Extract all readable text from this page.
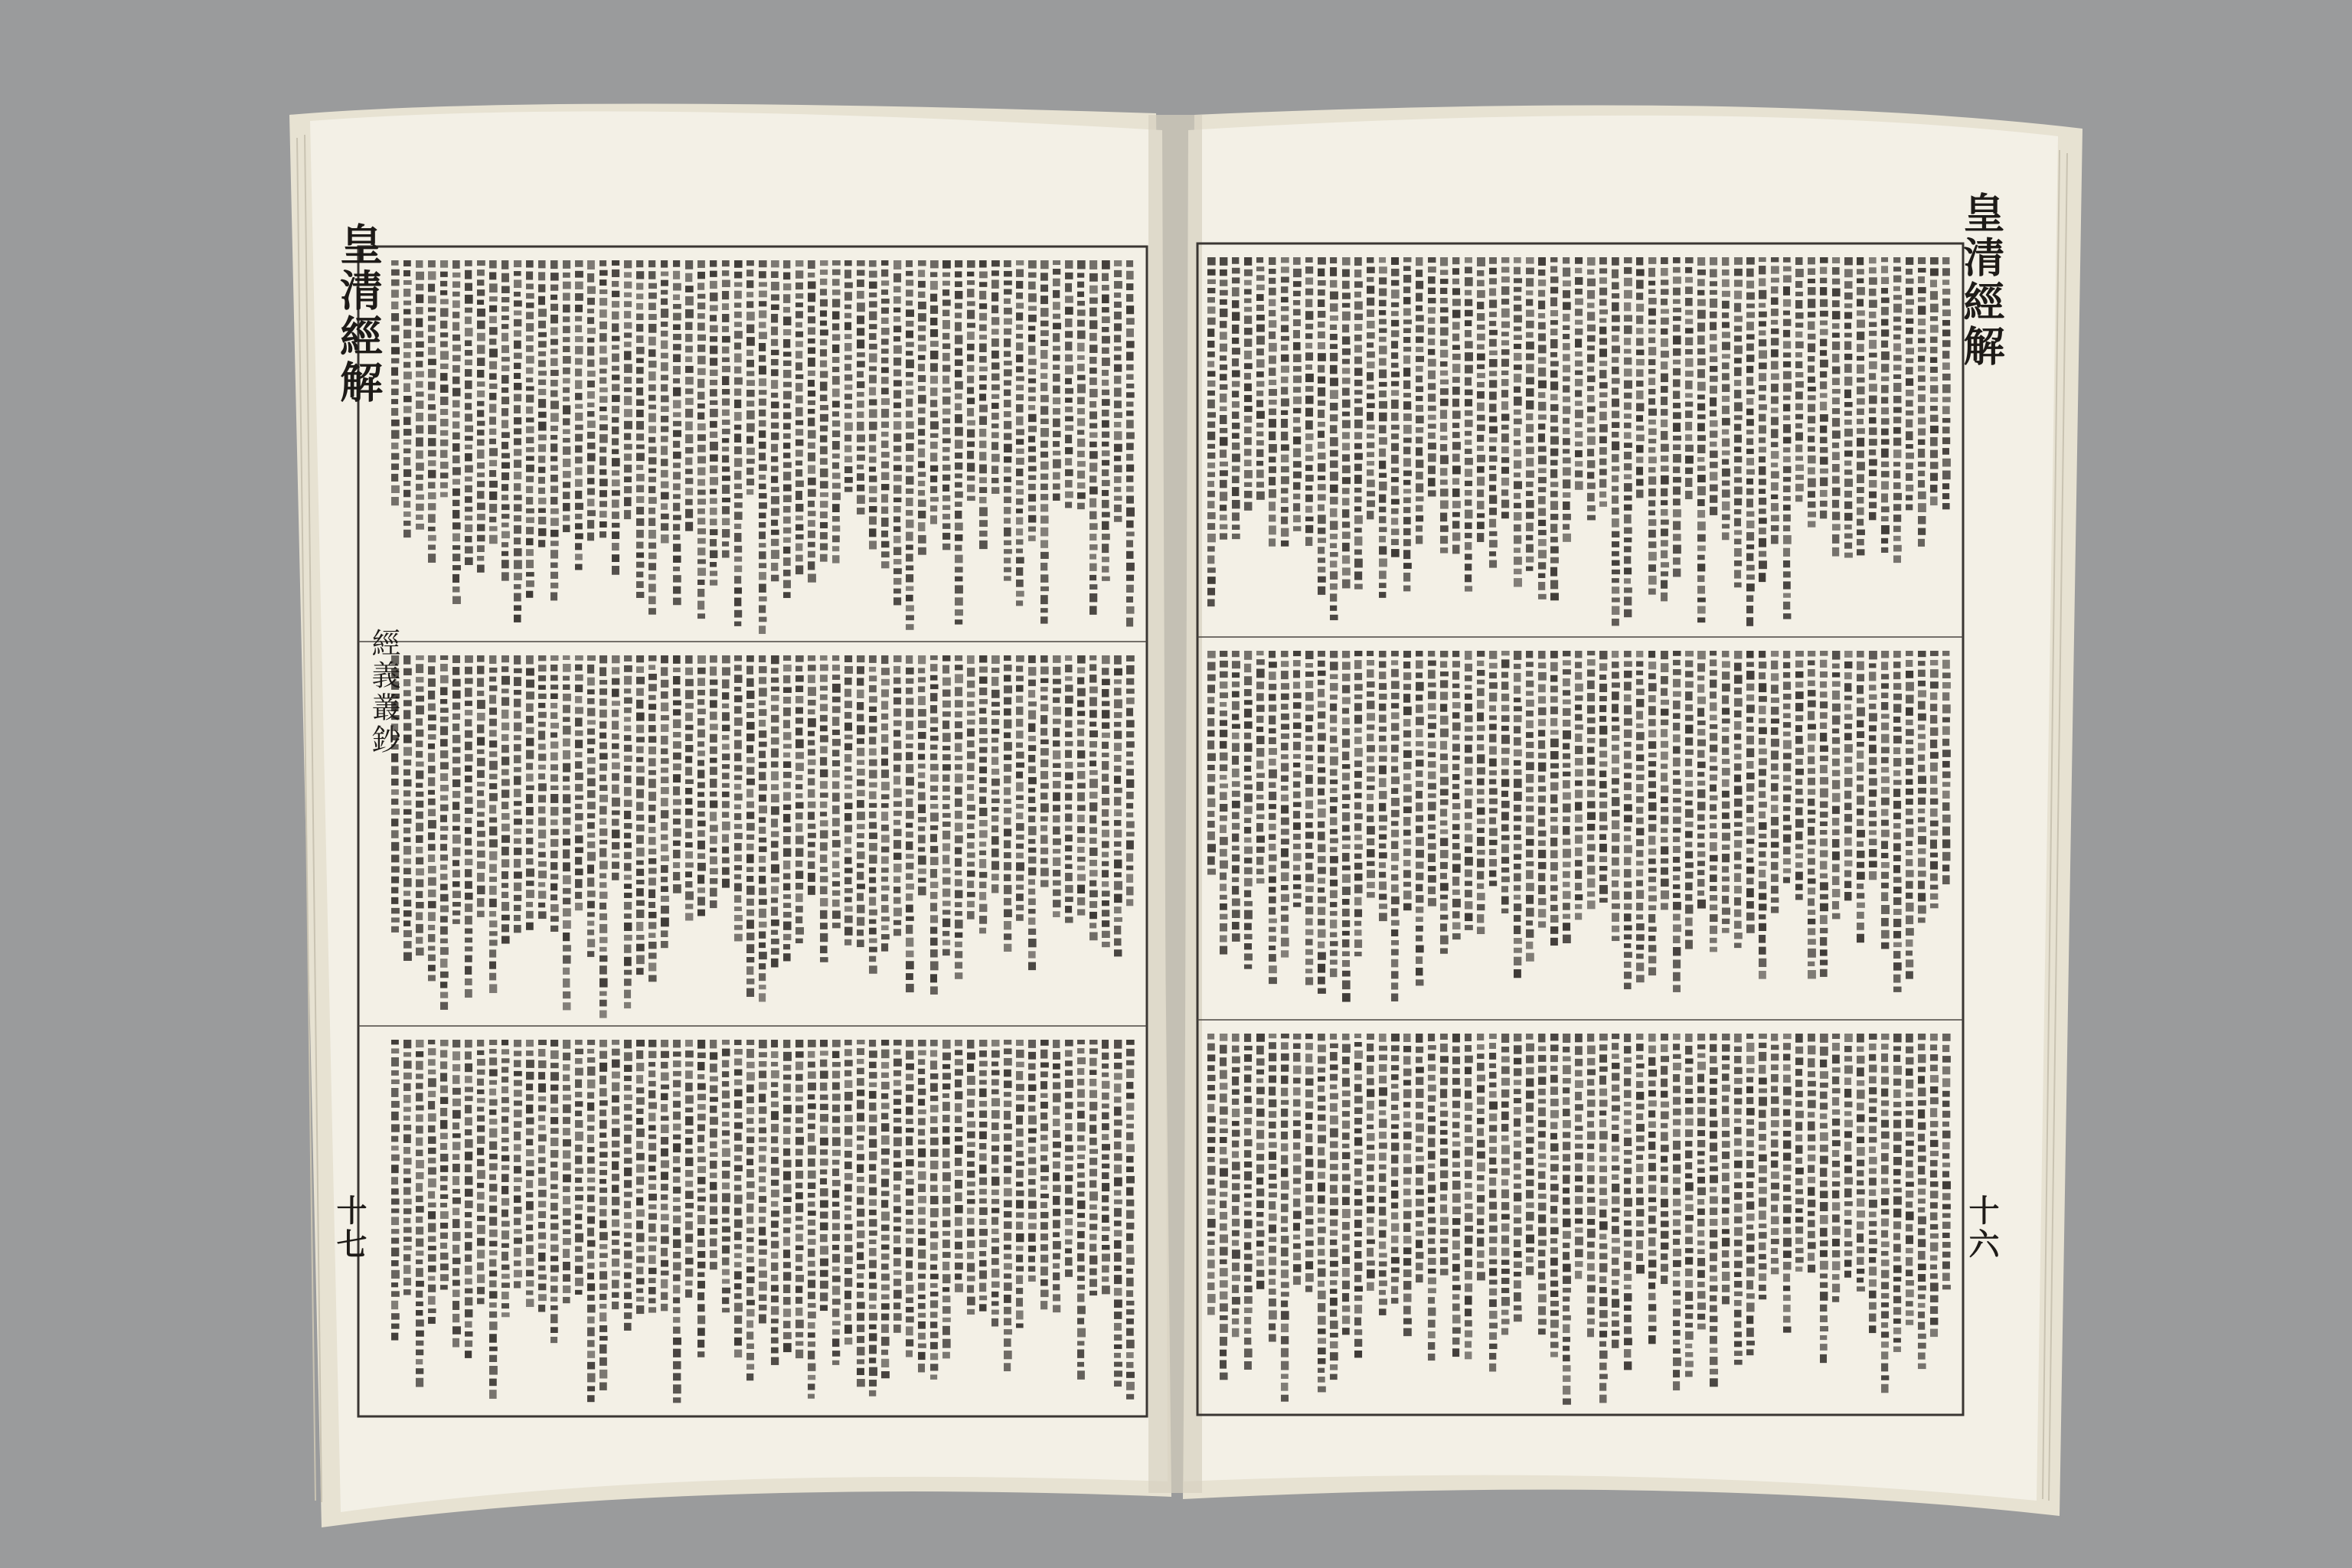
皇清經解
經義叢鈔
十七
皇清經解
十六
